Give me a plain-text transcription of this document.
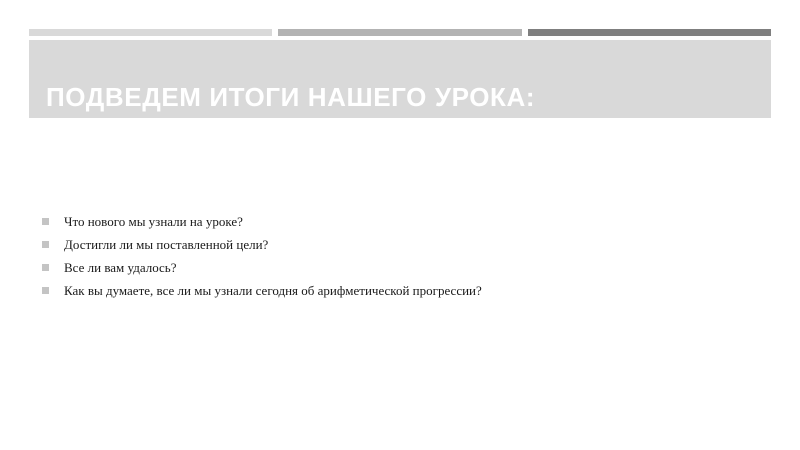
ПОДВЕДЕМ ИТОГИ НАШЕГО УРОКА:
Что нового мы узнали на уроке?
Достигли ли мы поставленной цели?
Все ли вам удалось?
Как вы думаете, все ли мы узнали сегодня об арифметической прогрессии?
